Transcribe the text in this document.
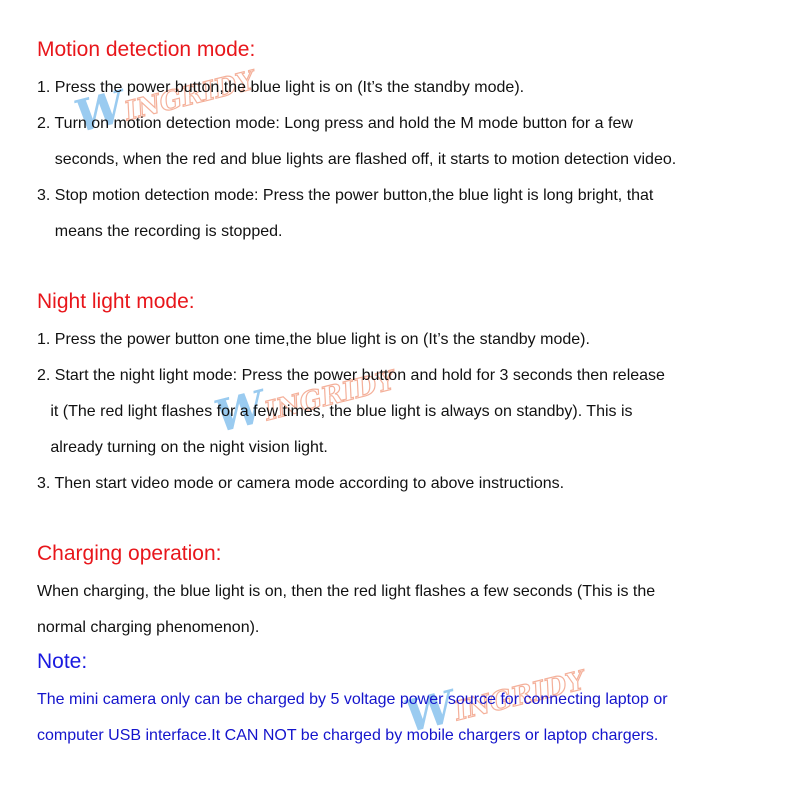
WINGRIDY
WINGRIDY
WINGRIDY
Motion detection mode:
1. Press the power button,the blue light is on (It’s the standby mode).
2. Turn on motion detection mode: Long press and hold the M mode button for a few
seconds, when the red and blue lights are flashed off, it starts to motion detection video.
3. Stop motion detection mode: Press the power button,the blue light is long bright, that
means the recording is stopped.
Night light mode:
1. Press the power button one time,the blue light is on (It’s the standby mode).
2. Start the night light mode: Press the power button and hold for 3 seconds then release
it (The red light flashes for a few times, the blue light is always on standby). This is
already turning on the night vision light.
3. Then start video mode or camera mode according to above instructions.
Charging operation:
When charging, the blue light is on, then the red light flashes a few seconds (This is the
normal charging phenomenon).
Note:
The mini camera only can be charged by 5 voltage power source for connecting laptop or
computer USB interface.It CAN NOT be charged by mobile chargers or laptop chargers.
